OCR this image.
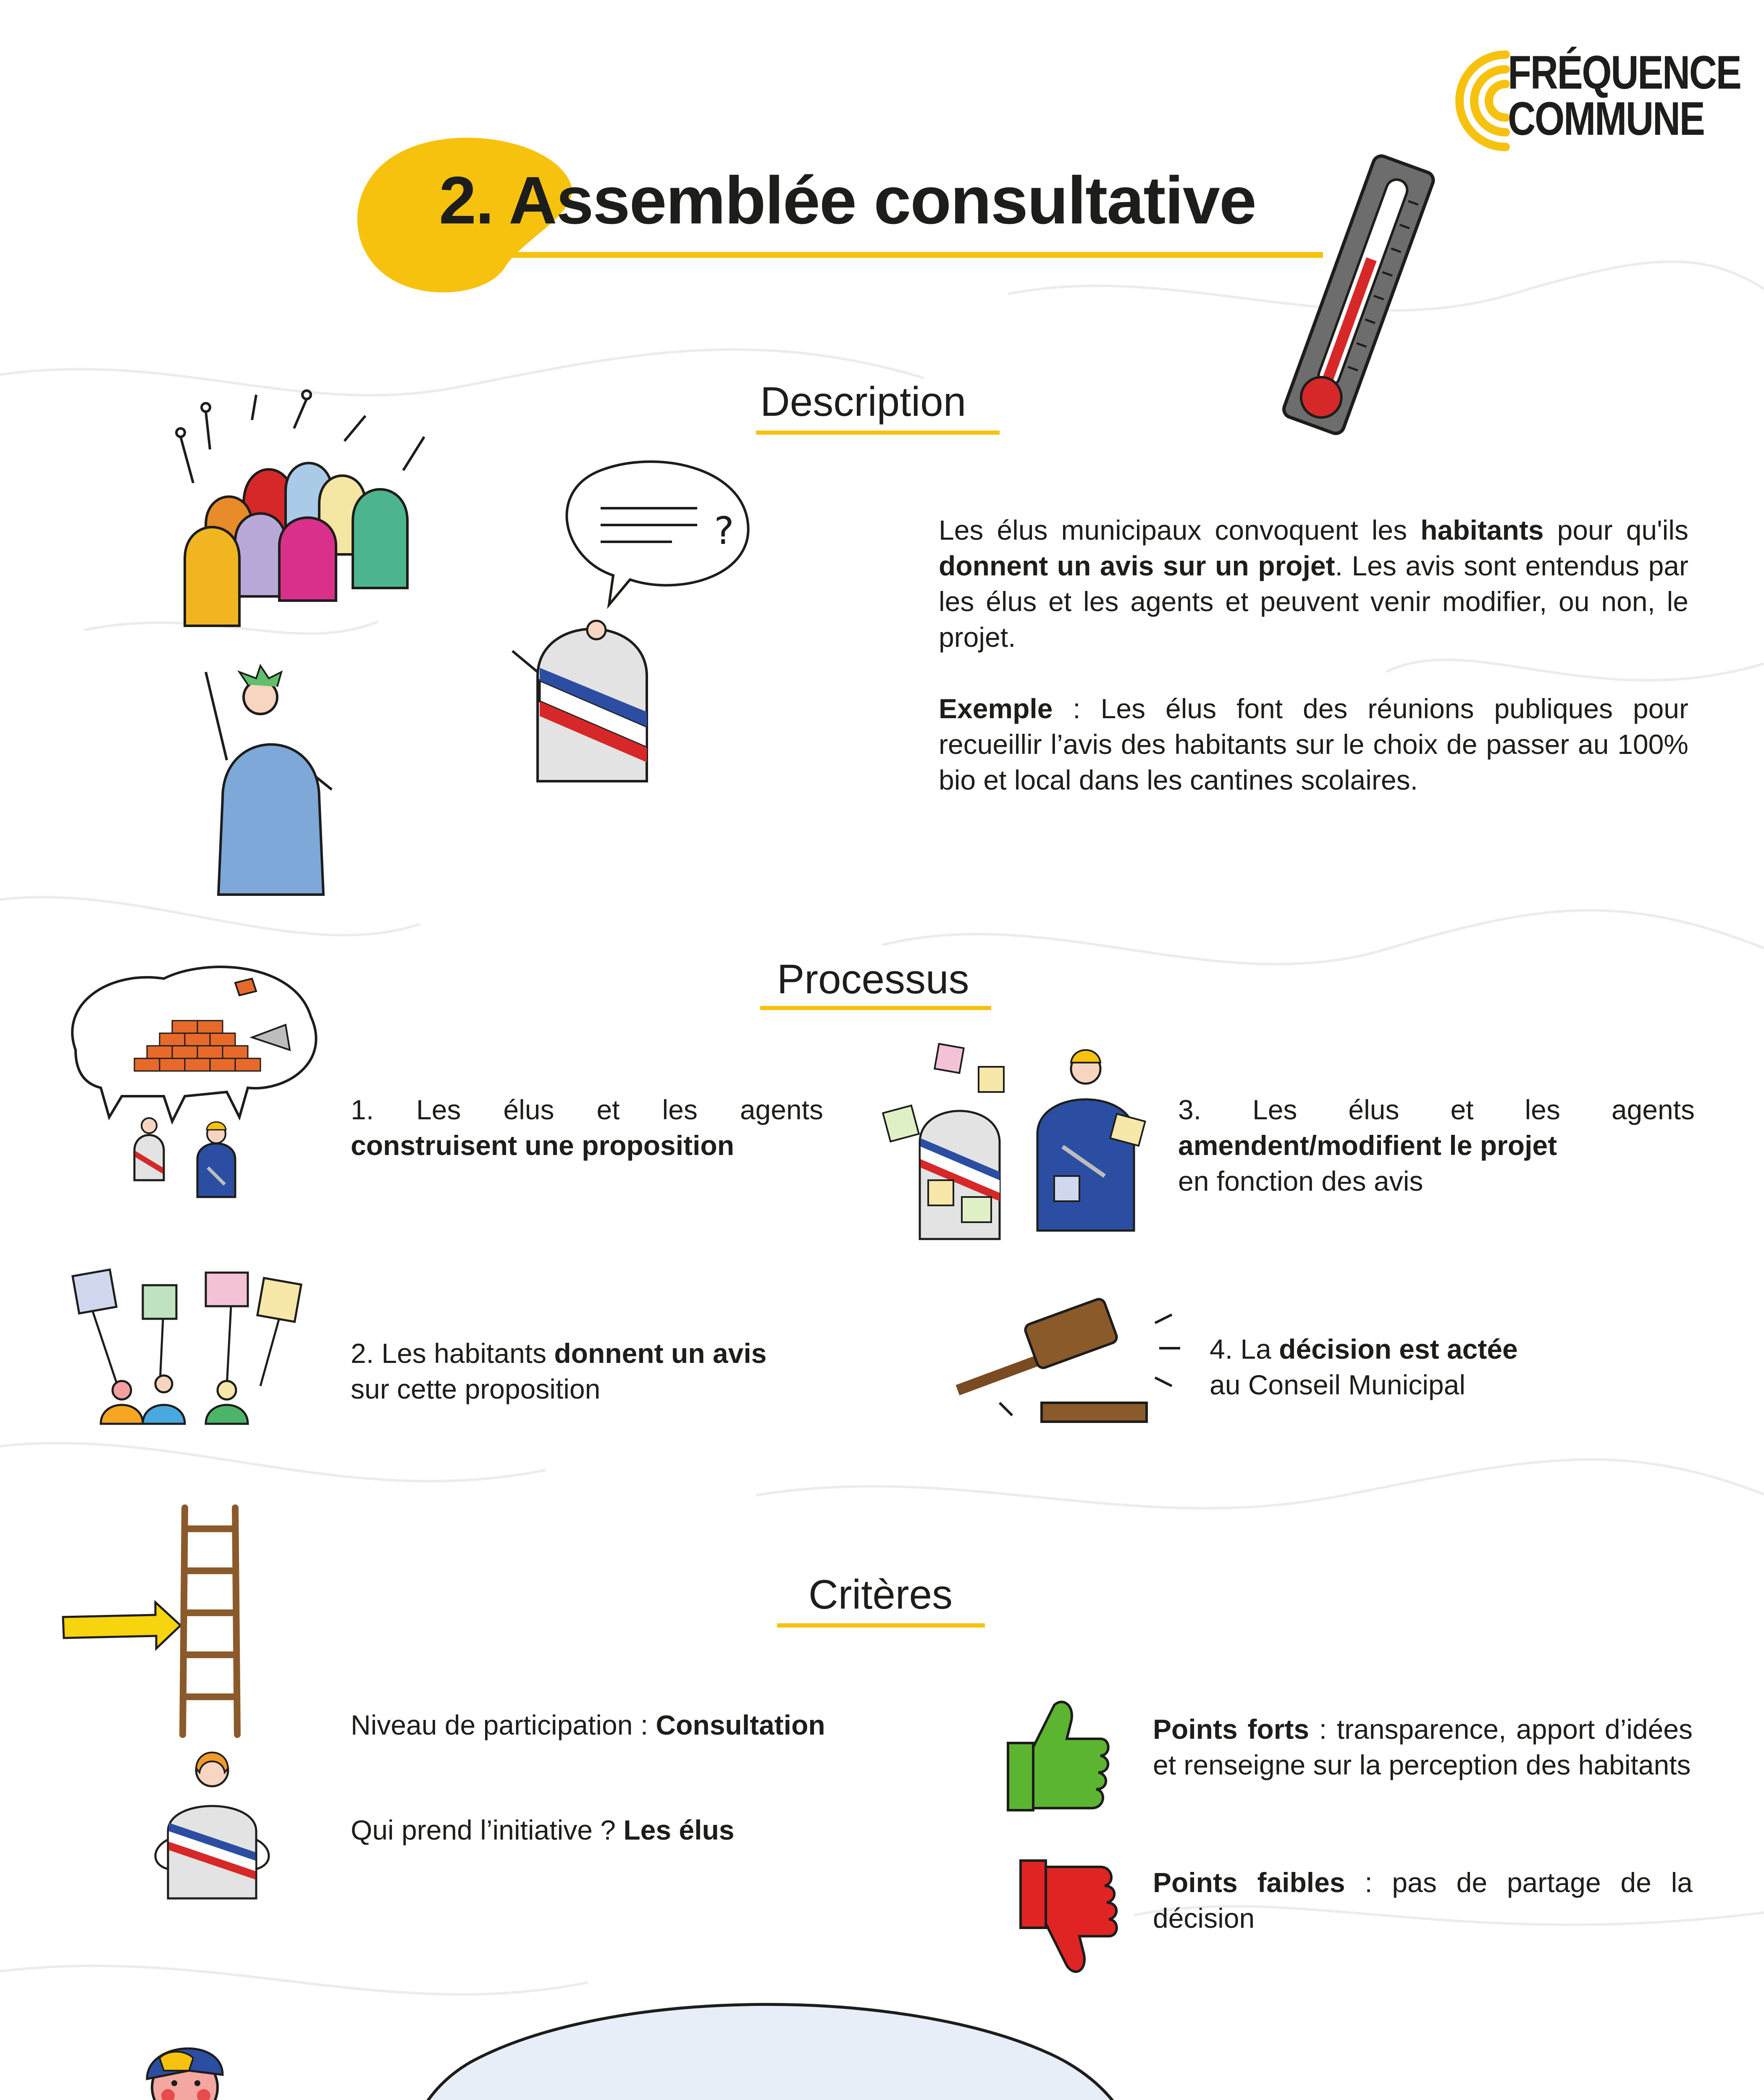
FRÉQUENCE
COMMUNE
2. Assemblée consultative
Description
?	Les élus municipaux convoquent les habitants pour qu'ils donnent un avis sur un projet. Les avis sont entendus par les élus et les agents et peuvent venir modifier, ou non, le projet.
Exemple : Les élus font des réunions publiques pour recueillir l’avis des habitants sur le choix de passer au 100% bio et local dans les cantines scolaires.
Processus
1. Les élus et les agents
construisent une proposition
2. Les habitants donnent un avis
sur cette proposition
3. Les élus et les agents
amendent/modifient le projet
en fonction des avis
4. La décision est actée
au Conseil Municipal
Critères
Niveau de participation : Consultation
Qui prend l’initiative ? Les élus
Points forts : transparence, apport d’idées et renseigne sur la perception des habitants
Points faibles : pas de partage de la décision
